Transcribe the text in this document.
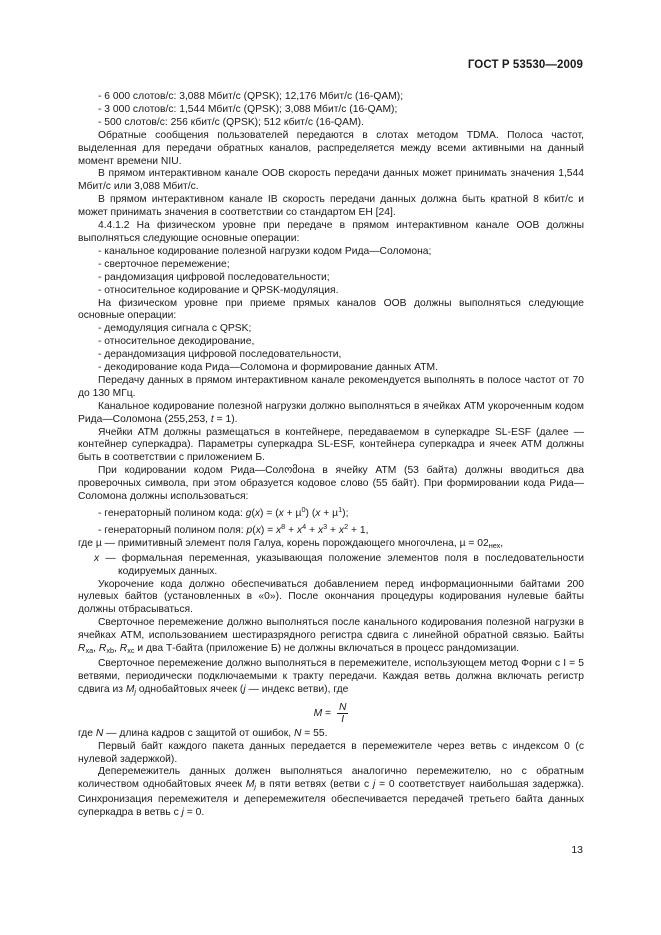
ГОСТ Р 53530—2009

- 6 000 слотов/с: 3,088 Мбит/с (QPSK); 12,176 Мбит/с (16-QAM);

- 3 000 слотов/с: 1,544 Мбит/с (QPSK); 3,088 Мбит/с (16-QAM);

- 500 слотов/с: 256 кбит/с (QPSK); 512 кбит/с (16-QAM).

Обратные сообщения пользователей передаются в слотах методом TDMA. Полоса частот, выделенная для передачи обратных каналов, распределяется между всеми активными на данный момент времени NIU.

В прямом интерактивном канале ООВ скорость передачи данных может принимать значения 1,544 Мбит/с или 3,088 Мбит/с.

В прямом интерактивном канале IB скорость передачи данных должна быть кратной 8 кбит/с и может принимать значения в соответствии со стандартом ЕН [24].

4.4.1.2 На физическом уровне при передаче в прямом интерактивном канале ООВ должны выполняться следующие основные операции:

- канальное кодирование полезной нагрузки кодом Рида—Соломона;

- сверточное перемежение;

- рандомизация цифровой последовательности;

- относительное кодирование и QPSK-модуляция.

На физическом уровне при приеме прямых каналов ООВ должны выполняться следующие основные операции:

- демодуляция сигнала с QPSK;

- относительное декодирование,

- дерандомизация цифровой последовательности,

- декодирование кода Рида—Соломона и формирование данных АТМ.

Передачу данных в прямом интерактивном канале рекомендуется выполнять в полосе частот от 70 до 130 МГц.

Канальное кодирование полезной нагрузки должно выполняться в ячейках АТМ укороченным кодом Рида—Соломона (255,253, t = 1).

Ячейки АТМ должны размещаться в контейнере, передаваемом в суперкадре SL-ESF (далее — контейнер суперкадра). Параметры суперкадра SL-ESF, контейнера суперкадра и ячеек АТМ должны быть в соответствии с приложением Б.

При кодировании кодом Рида—Солომона в ячейку АТМ (53 байта) должны вводиться два проверочных символа, при этом образуется кодовое слово (55 байт). При формировании кода Рида—Соломона должны использоваться:

- генераторный полином кода: g(x) = (x + µ$^0$) (x + µ$^1$);

- генераторный полином поля: $p(x) = x^8 + x^4 + x^3 + x^2 + 1$,

где µ — примитивный элемент поля Галуа, корень порождающего многочлена, $\mu = 02_{нех}$,

x — формальная переменная, указывающая положение элементов поля в последовательности кодируемых данных.

Укорочение кода должно обеспечиваться добавлением перед информационными байтами 200 нулевых байтов (установленных в «0»). После окончания процедуры кодирования нулевые байты должны отбрасываться.

Сверточное перемежение должно выполняться после канального кодирования полезной нагрузки в ячейках АТМ, использованием шестиразрядного регистра сдвига с линейной обратной связью. Байты $R_{xa}$, $R_{xb}$, $R_{xc}$ и два Т-байта (приложение Б) не должны включаться в процесс рандомизации.

Сверточное перемежение должно выполняться в перемежителе, использующем метод Форни с I = 5 ветвями, периодически подключаемыми к тракту передачи. Каждая ветвь должна включать регистр сдвига из $M_j$ однобайтовых ячеек (j — индекс ветви), где

$M = \frac{N}{I}$

где N — длина кадров с защитой от ошибок, N = 55.

Первый байт каждого пакета данных передается в перемежителе через ветвь с индексом 0 (с нулевой задержкой).

Деперемежитель данных должен выполняться аналогично перемежителю, но с обратным количеством однобайтовых ячеек $M_j$ в пяти ветвях (ветви с j = 0 соответствует наибольшая задержка). Синхронизация перемежителя и деперемежителя обеспечивается передачей третьего байта данных суперкадра в ветвь с j = 0.

13
